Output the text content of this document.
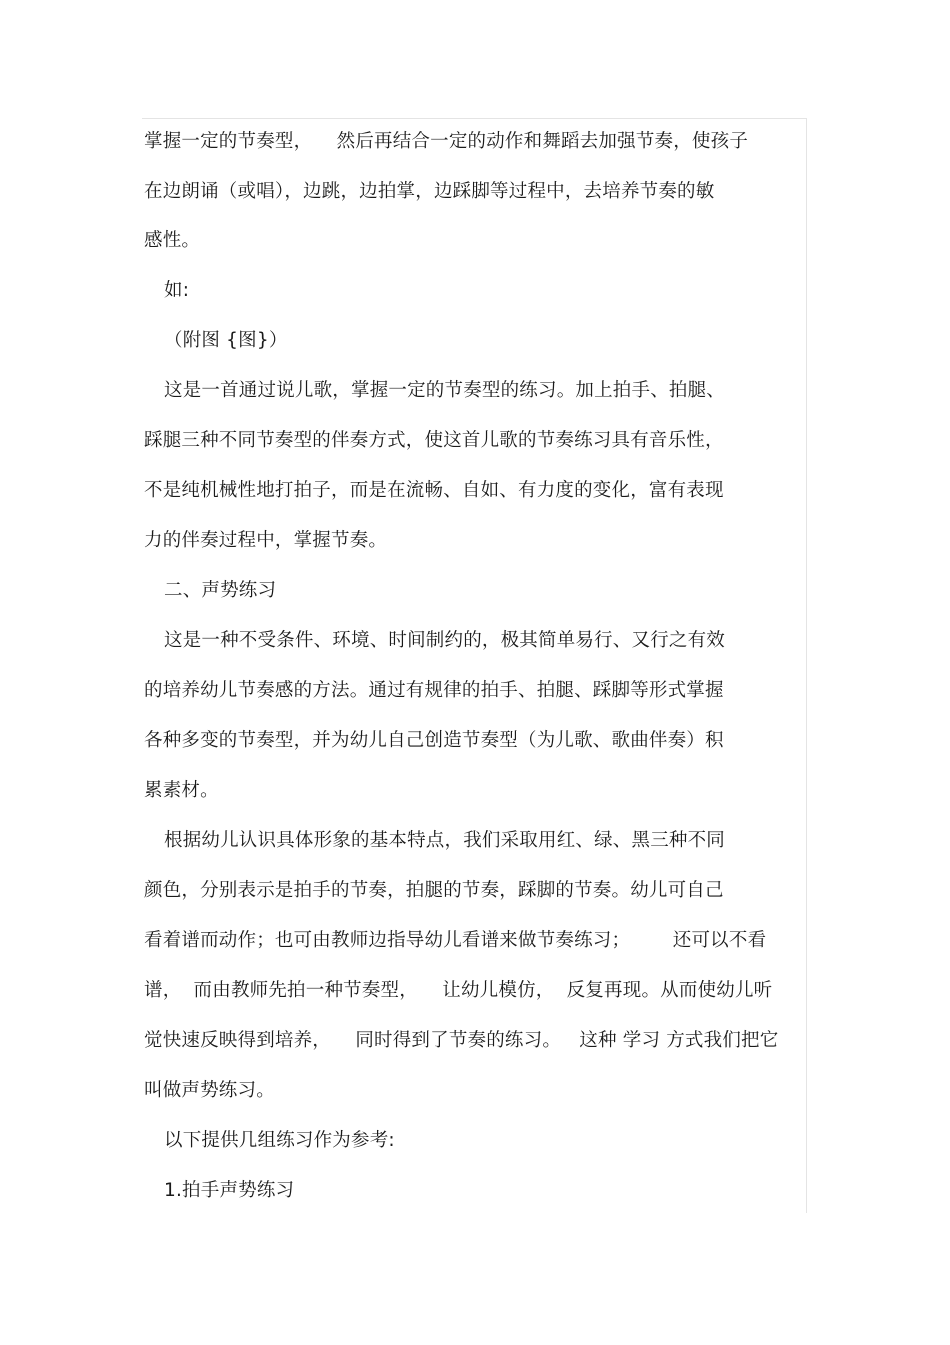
掌握一定的节奏型，    然后再结合一定的动作和舞蹈去加强节奏，使孩子
在边朗诵（或唱），边跳，边拍掌，边踩脚等过程中，去培养节奏的敏
感性。
如:
（附图 {图}）
这是一首通过说儿歌，掌握一定的节奏型的练习。加上拍手、拍腿、
踩腿三种不同节奏型的伴奏方式，使这首儿歌的节奏练习具有音乐性，
不是纯机械性地打拍子，而是在流畅、自如、有力度的变化，富有表现
力的伴奏过程中，掌握节奏。
二、声势练习
这是一种不受条件、环境、时间制约的，极其简单易行、又行之有效
的培养幼儿节奏感的方法。通过有规律的拍手、拍腿、踩脚等形式掌握
各种多变的节奏型，并为幼儿自己创造节奏型（为儿歌、歌曲伴奏）积
累素材。
根据幼儿认识具体形象的基本特点，我们采取用红、绿、黑三种不同
颜色，分别表示是拍手的节奏，拍腿的节奏，踩脚的节奏。幼儿可自己
看着谱而动作；也可由教师边指导幼儿看谱来做节奏练习；       还可以不看
谱，  而由教师先拍一种节奏型，    让幼儿模仿，  反复再现。从而使幼儿听
觉快速反映得到培养，    同时得到了节奏的练习。   这种 学习 方式我们把它
叫做声势练习。
以下提供几组练习作为参考:
1.拍手声势练习
